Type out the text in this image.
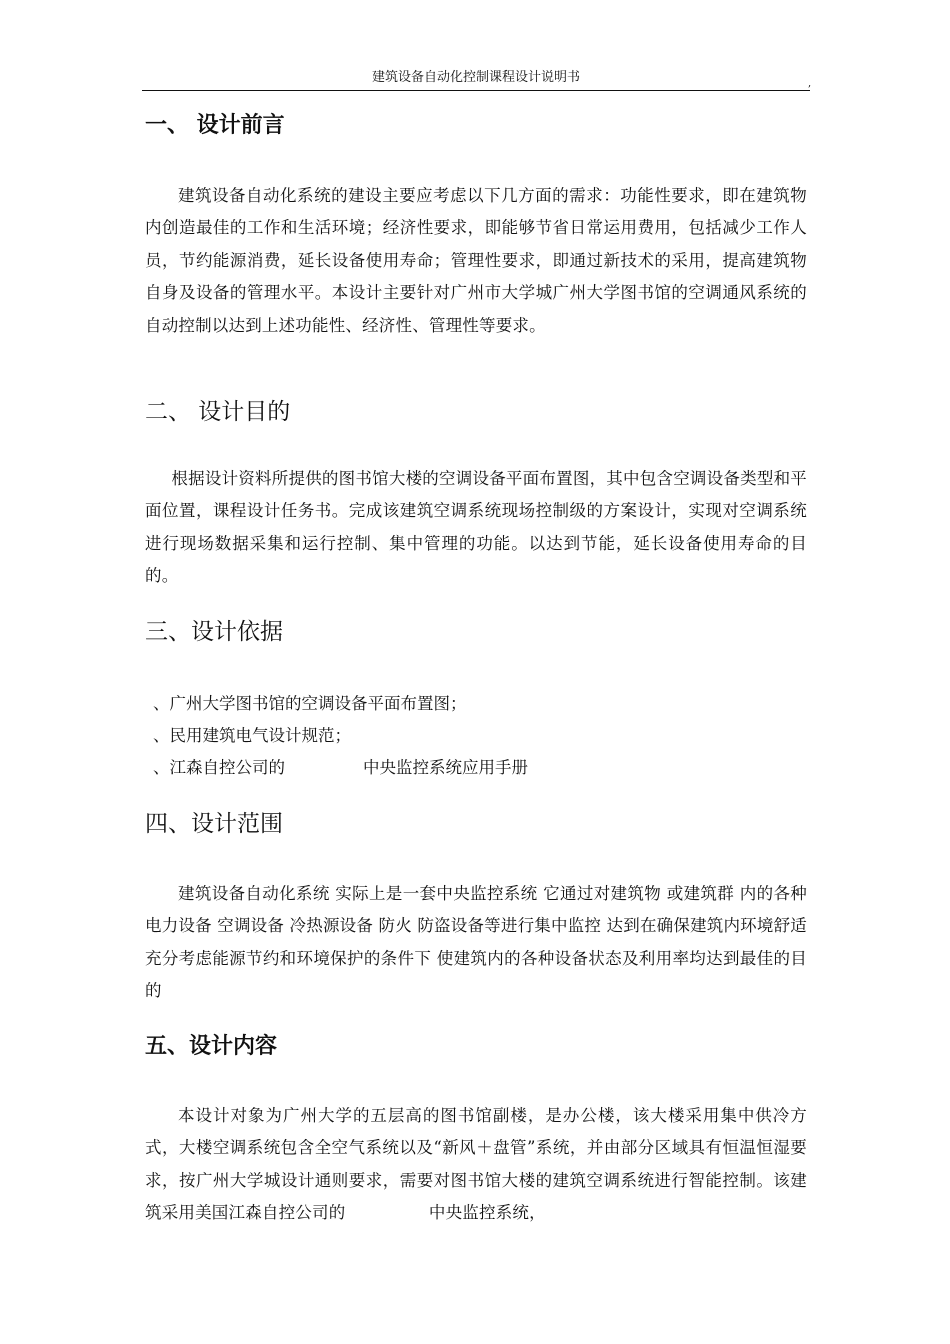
建筑设备自动化控制课程设计说明书	,
一、 设计前言

建筑设备自动化系统的建设主要应考虑以下几方面的需求：功能性要求，即在建筑物内创造最佳的工作和生活环境；经济性要求，即能够节省日常运用费用，包括减少工作人员，节约能源消费，延长设备使用寿命；管理性要求，即通过新技术的采用，提高建筑物自身及设备的管理水平。本设计主要针对广州市大学城广州大学图书馆的空调通风系统的自动控制以达到上述功能性、经济性、管理性等要求。

二、 设计目的

根据设计资料所提供的图书馆大楼的空调设备平面布置图，其中包含空调设备类型和平面位置，课程设计任务书。完成该建筑空调系统现场控制级的方案设计，实现对空调系统进行现场数据采集和运行控制、集中管理的功能。以达到节能，延长设备使用寿命的目的。

三、设计依据
、广州大学图书馆的空调设备平面布置图；
、民用建筑电气设计规范；
、江森自控公司的	中央监控系统应用手册
四、设计范围

建筑设备自动化系统 实际上是一套中央监控系统 它通过对建筑物 或建筑群 内的各种电力设备 空调设备 冷热源设备 防火 防盗设备等进行集中监控 达到在确保建筑内环境舒适 充分考虑能源节约和环境保护的条件下 使建筑内的各种设备状态及利用率均达到最佳的目的

五、设计内容

本设计对象为广州大学的五层高的图书馆副楼，是办公楼，该大楼采用集中供冷方式，大楼空调系统包含全空气系统以及“新风＋盘管”系统，并由部分区域具有恒温恒湿要求，按广州大学城设计通则要求，需要对图书馆大楼的建筑空调系统进行智能控制。该建筑采用美国江森自控公司的　　　　　中央监控系统，
